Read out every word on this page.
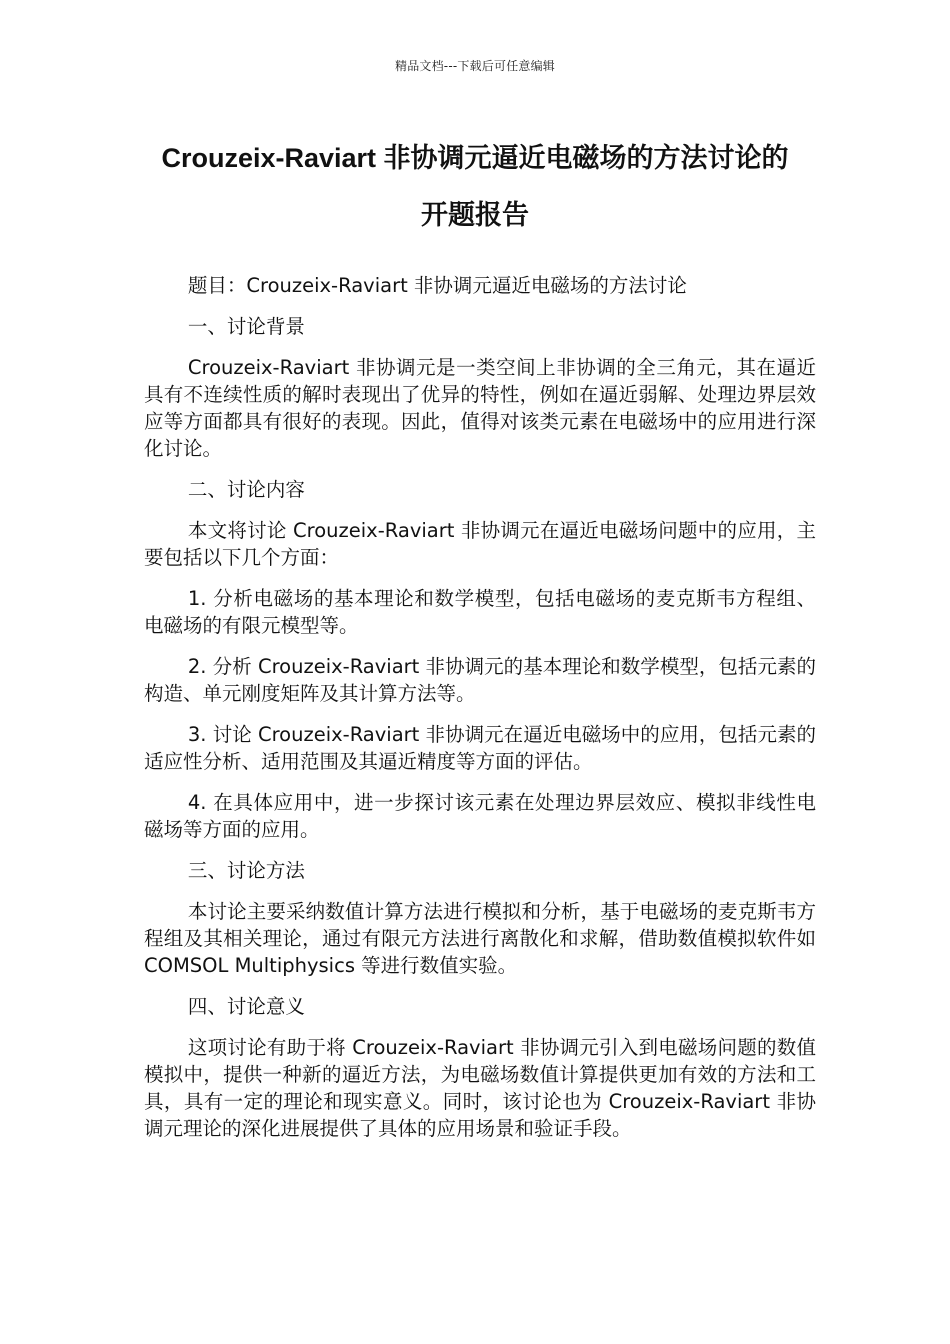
精品文档---下载后可任意编辑
Crouzeix-Raviart 非协调元逼近电磁场的方法讨论的
开题报告

题目：Crouzeix-Raviart 非协调元逼近电磁场的方法讨论

一、讨论背景

Crouzeix-Raviart 非协调元是一类空间上非协调的全三角元，其在逼近具有不连续性质的解时表现出了优异的特性，例如在逼近弱解、处理边界层效应等方面都具有很好的表现。因此，值得对该类元素在电磁场中的应用进行深化讨论。

二、讨论内容

本文将讨论 Crouzeix-Raviart 非协调元在逼近电磁场问题中的应用，主要包括以下几个方面：

1. 分析电磁场的基本理论和数学模型，包括电磁场的麦克斯韦方程组、电磁场的有限元模型等。

2. 分析 Crouzeix-Raviart 非协调元的基本理论和数学模型，包括元素的构造、单元刚度矩阵及其计算方法等。

3. 讨论 Crouzeix-Raviart 非协调元在逼近电磁场中的应用，包括元素的适应性分析、适用范围及其逼近精度等方面的评估。

4. 在具体应用中，进一步探讨该元素在处理边界层效应、模拟非线性电磁场等方面的应用。

三、讨论方法

本讨论主要采纳数值计算方法进行模拟和分析，基于电磁场的麦克斯韦方程组及其相关理论，通过有限元方法进行离散化和求解，借助数值模拟软件如 COMSOL Multiphysics 等进行数值实验。

四、讨论意义

这项讨论有助于将 Crouzeix-Raviart 非协调元引入到电磁场问题的数值模拟中，提供一种新的逼近方法，为电磁场数值计算提供更加有效的方法和工具，具有一定的理论和现实意义。同时，该讨论也为 Crouzeix-Raviart 非协调元理论的深化进展提供了具体的应用场景和验证手段。
